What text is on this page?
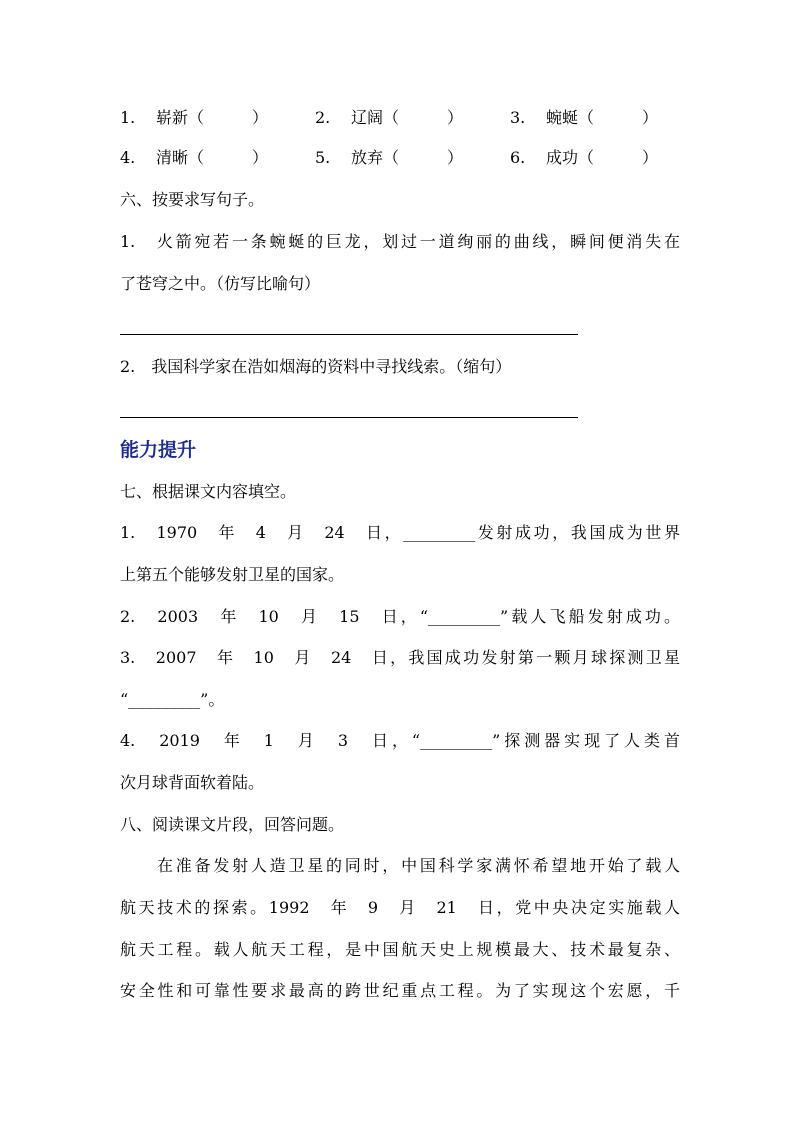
1. 崭新（　　　）	2. 辽阔（　　　）	3. 蜿蜒（　　　）
4. 清晰（　　　）	5. 放弃（　　　）	6. 成功（　　　）
六、按要求写句子。
1.　火箭宛若一条蜿蜒的巨龙，划过一道绚丽的曲线，瞬间便消失在
了苍穹之中。（仿写比喻句）
2.　我国科学家在浩如烟海的资料中寻找线索。（缩句）
能力提升
七、根据课文内容填空。
1.　1970　年　4　月　24　日，_________发射成功，我国成为世界
上第五个能够发射卫星的国家。
2.　2003　年　10　月　15　日，“_________”载人飞船发射成功。
3.　2007　年　10　月　24　日，我国成功发射第一颗月球探测卫星
“_________”。
4.　2019　年　1　月　3　日，“_________”探测器实现了人类首
次月球背面软着陆。
八、阅读课文片段，回答问题。
在准备发射人造卫星的同时，中国科学家满怀希望地开始了载人
航天技术的探索。1992　年　9　月　21　日，党中央决定实施载人
航天工程。载人航天工程，是中国航天史上规模最大、技术最复杂、
安全性和可靠性要求最高的跨世纪重点工程。为了实现这个宏愿，千
